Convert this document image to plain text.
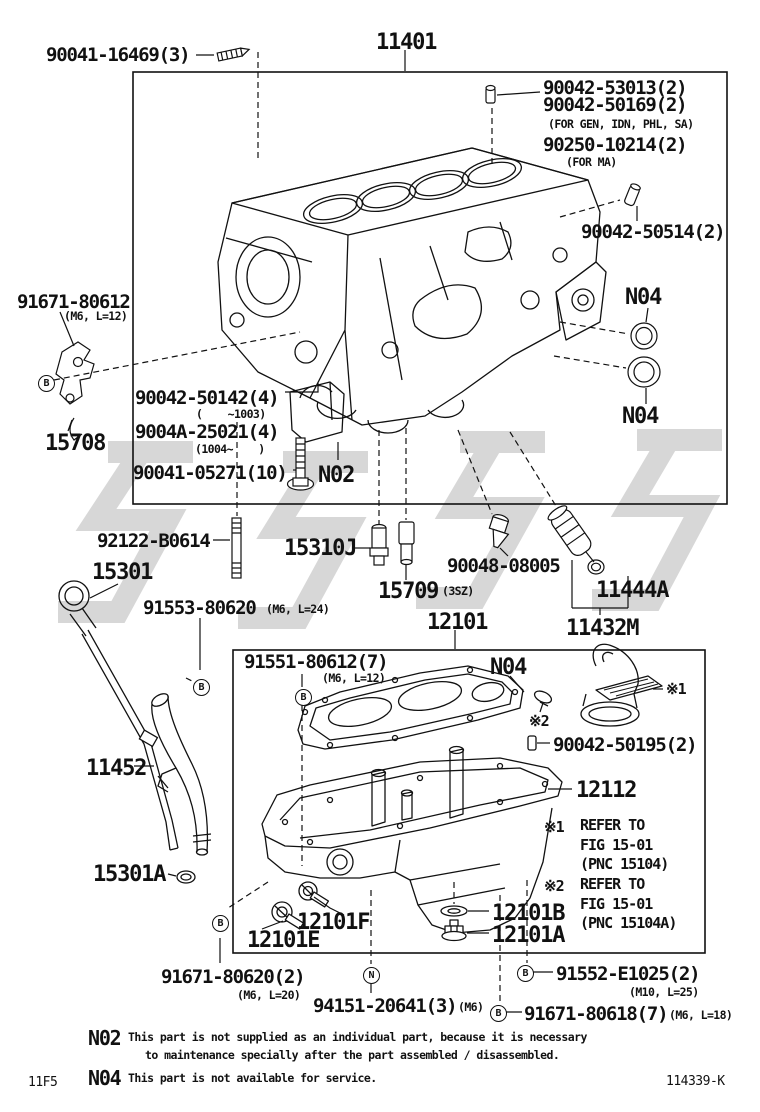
90041-16469(3)	11401
90042-53013(2)
90042-50169(2)
(FOR GEN, IDN, PHL, SA)
90250-10214(2)
(FOR MA)
90042-50514(2)
N04
N04
91671-80612
(M6, L=12)
15708
90042-50142(4)
(    ~1003)
9004A-25021(4)
(1004~    )
90041-05271(10) N02
92122-B0614	15310J
90048-08005
15709 (3SZ)	11444A
11432M
15301
91553-80620 (M6, L=24)
11452
15301A
12101
91551-80612(7)
(M6, L=12)	N04
※1
※2
90042-50195(2)
12112
※1 REFER TO
FIG 15-01
(PNC 15104)
※2 REFER TO
FIG 15-01
(PNC 15104A)
12101F
12101E
12101B
12101A
91671-80620(2)
(M6, L=20) 94151-20641(3) (M6)
91552-E1025(2)
(M10, L=25)
91671-80618(7) (M6, L=18)
B
B
B
B
B
B
N
N02 This part is not supplied as an individual part, because it is necessary
to maintenance specially after the part assembled / disassembled.
N04 This part is not available for service.
11F5	114339-K
